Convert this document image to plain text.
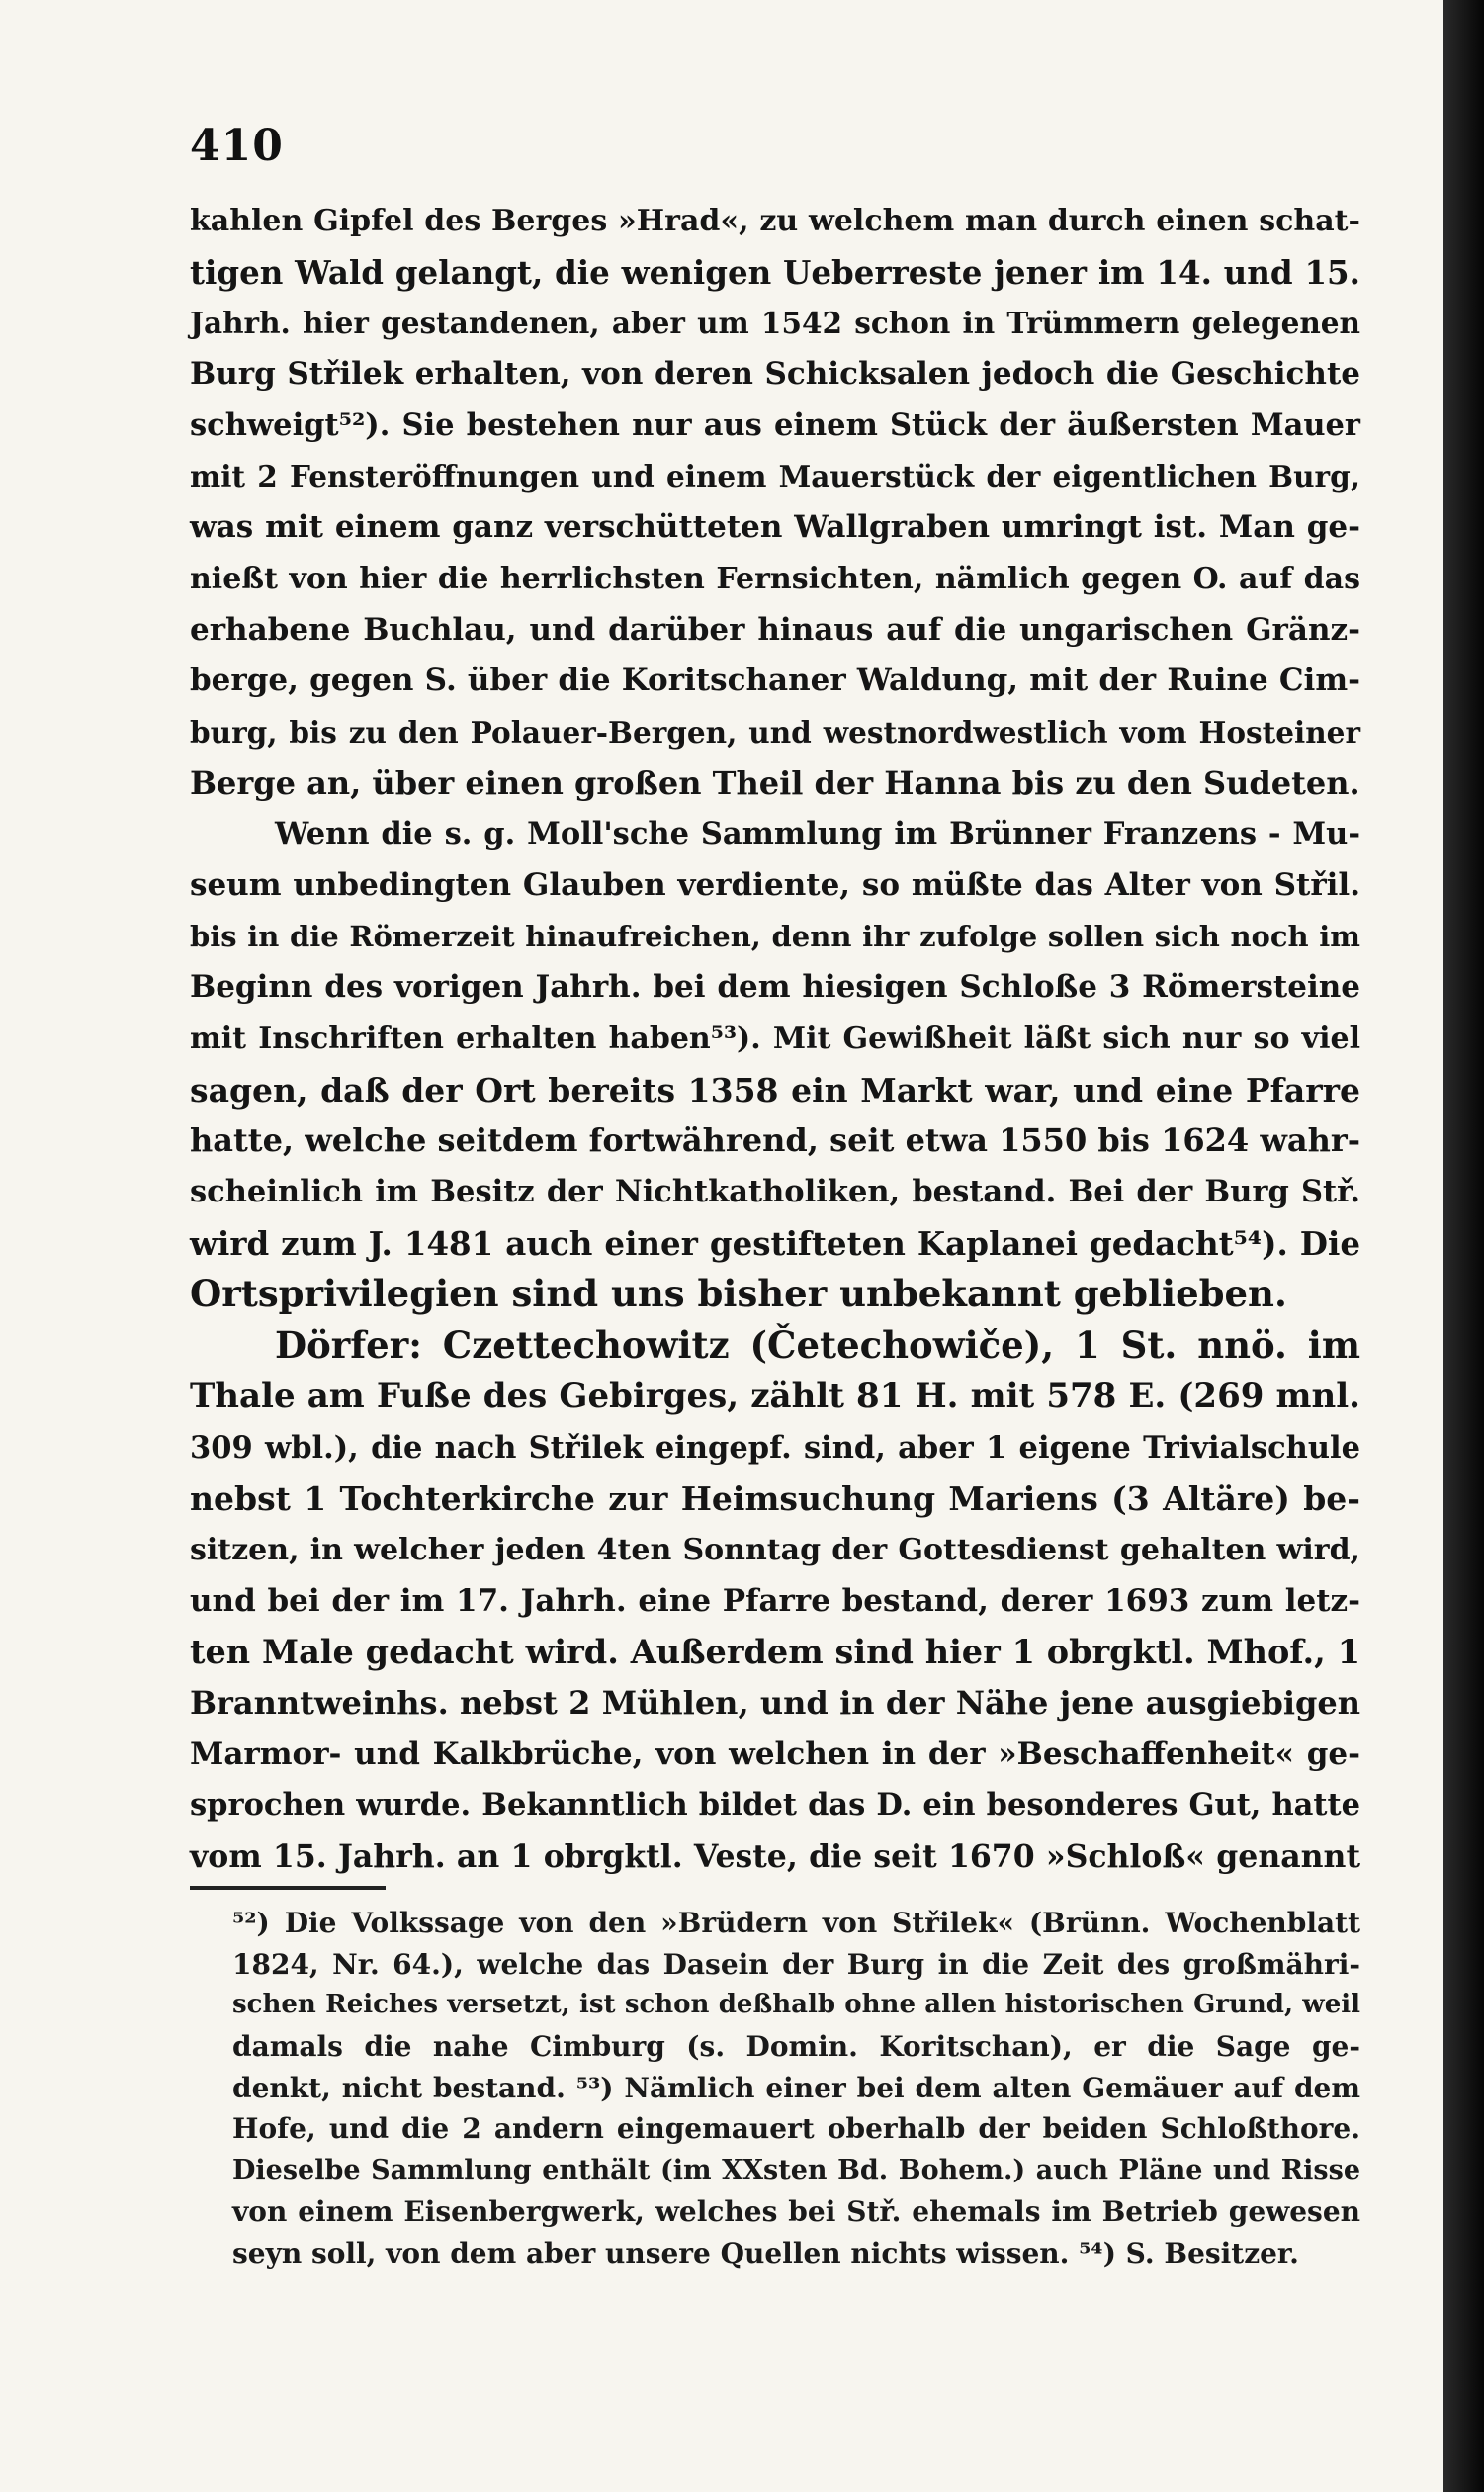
410
kahlen Gipfel des Berges »Hrad«, zu welchem man durch einen schat-
tigen Wald gelangt, die wenigen Ueberreste jener im 14. und 15.
Jahrh. hier gestandenen, aber um 1542 schon in Trümmern gelegenen
Burg Střilek erhalten, von deren Schicksalen jedoch die Geschichte
schweigt⁵²). Sie bestehen nur aus einem Stück der äußersten Mauer
mit 2 Fensteröffnungen und einem Mauerstück der eigentlichen Burg,
was mit einem ganz verschütteten Wallgraben umringt ist. Man ge-
nießt von hier die herrlichsten Fernsichten, nämlich gegen O. auf das
erhabene Buchlau, und darüber hinaus auf die ungarischen Gränz-
berge, gegen S. über die Koritschaner Waldung, mit der Ruine Cim-
burg, bis zu den Polauer-Bergen, und westnordwestlich vom Hosteiner
Berge an, über einen großen Theil der Hanna bis zu den Sudeten.
Wenn die s. g. Moll'sche Sammlung im Brünner Franzens - Mu-
seum unbedingten Glauben verdiente, so müßte das Alter von Střil.
bis in die Römerzeit hinaufreichen, denn ihr zufolge sollen sich noch im
Beginn des vorigen Jahrh. bei dem hiesigen Schloße 3 Römersteine
mit Inschriften erhalten haben⁵³). Mit Gewißheit läßt sich nur so viel
sagen, daß der Ort bereits 1358 ein Markt war, und eine Pfarre
hatte, welche seitdem fortwährend, seit etwa 1550 bis 1624 wahr-
scheinlich im Besitz der Nichtkatholiken, bestand. Bei der Burg Stř.
wird zum J. 1481 auch einer gestifteten Kaplanei gedacht⁵⁴). Die
Ortsprivilegien sind uns bisher unbekannt geblieben.
Dörfer: Czettechowitz (Četechowiče), 1 St. nnö. im
Thale am Fuße des Gebirges, zählt 81 H. mit 578 E. (269 mnl.
309 wbl.), die nach Střilek eingepf. sind, aber 1 eigene Trivialschule
nebst 1 Tochterkirche zur Heimsuchung Mariens (3 Altäre) be-
sitzen, in welcher jeden 4ten Sonntag der Gottesdienst gehalten wird,
und bei der im 17. Jahrh. eine Pfarre bestand, derer 1693 zum letz-
ten Male gedacht wird. Außerdem sind hier 1 obrgktl. Mhof., 1
Branntweinhs. nebst 2 Mühlen, und in der Nähe jene ausgiebigen
Marmor- und Kalkbrüche, von welchen in der »Beschaffenheit« ge-
sprochen wurde. Bekanntlich bildet das D. ein besonderes Gut, hatte
vom 15. Jahrh. an 1 obrgktl. Veste, die seit 1670 »Schloß« genannt
⁵²) Die Volkssage von den »Brüdern von Střilek« (Brünn. Wochenblatt
1824, Nr. 64.), welche das Dasein der Burg in die Zeit des großmähri-
schen Reiches versetzt, ist schon deßhalb ohne allen historischen Grund, weil
damals die nahe Cimburg (s. Domin. Koritschan), er die Sage ge-
denkt, nicht bestand. ⁵³) Nämlich einer bei dem alten Gemäuer auf dem
Hofe, und die 2 andern eingemauert oberhalb der beiden Schloßthore.
Dieselbe Sammlung enthält (im XXsten Bd. Bohem.) auch Pläne und Risse
von einem Eisenbergwerk, welches bei Stř. ehemals im Betrieb gewesen
seyn soll, von dem aber unsere Quellen nichts wissen. ⁵⁴) S. Besitzer.
